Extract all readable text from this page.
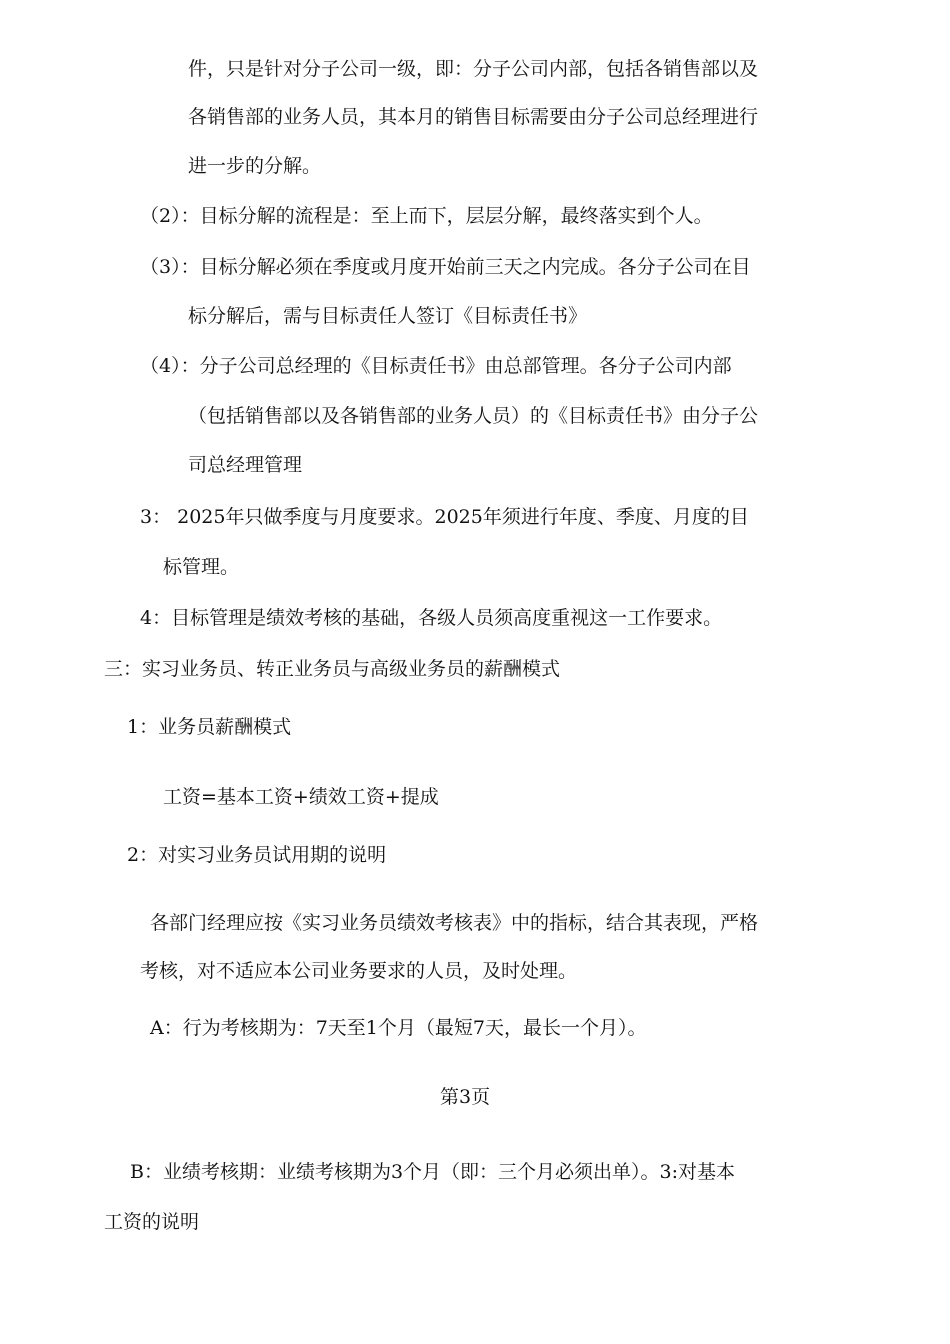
件，只是针对分子公司一级，即：分子公司内部，包括各销售部以及
各销售部的业务人员，其本月的销售目标需要由分子公司总经理进行
进一步的分解。
（2）：目标分解的流程是：至上而下，层层分解，最终落实到个人。
（3）：目标分解必须在季度或月度开始前三天之内完成。各分子公司在目
标分解后，需与目标责任人签订《目标责任书》
（4）：分子公司总经理的《目标责任书》由总部管理。各分子公司内部
（包括销售部以及各销售部的业务人员）的《目标责任书》由分子公
司总经理管理
3： 2025年只做季度与月度要求。2025年须进行年度、季度、月度的目
标管理。
4：目标管理是绩效考核的基础，各级人员须高度重视这一工作要求。
三：实习业务员、转正业务员与高级业务员的薪酬模式
1：业务员薪酬模式
工资=基本工资+绩效工资+提成
2：对实习业务员试用期的说明
各部门经理应按《实习业务员绩效考核表》中的指标，结合其表现，严格
考核，对不适应本公司业务要求的人员，及时处理。
A：行为考核期为：7天至1个月（最短7天，最长一个月）。
第3页
B：业绩考核期：业绩考核期为3个月（即：三个月必须出单）。3:对基本
工资的说明
